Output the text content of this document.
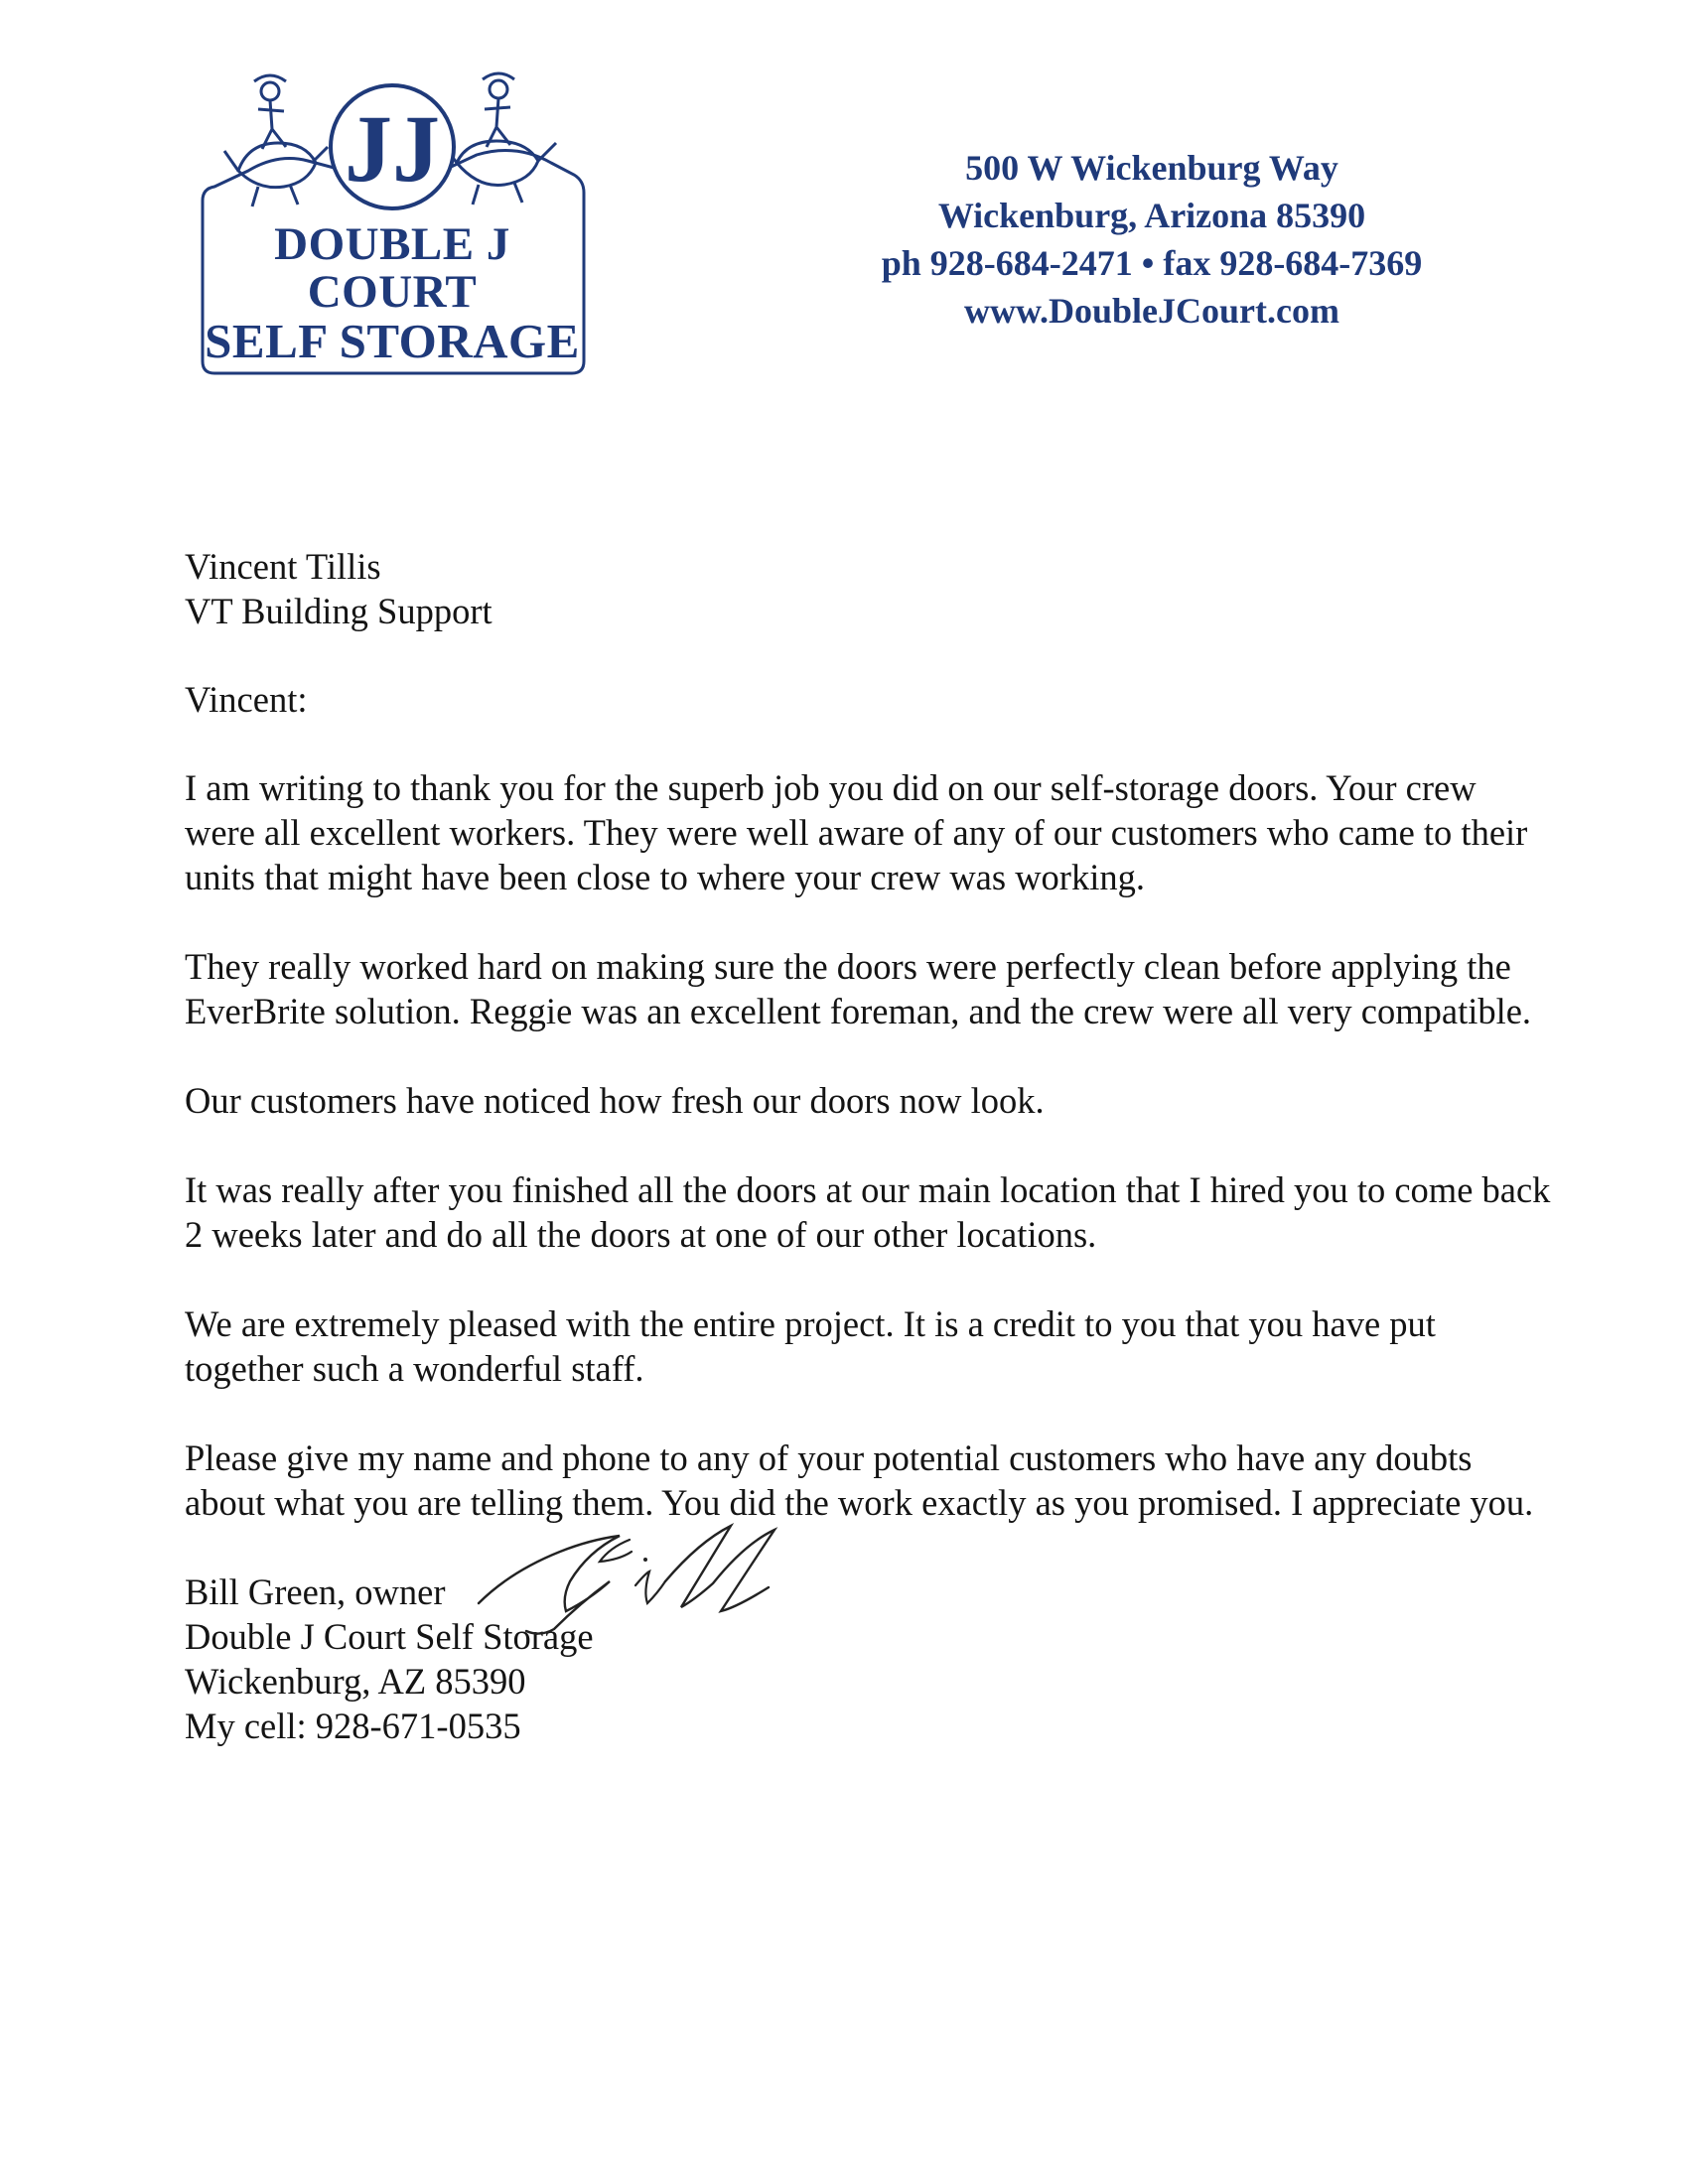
JJ
DOUBLE J
COURT
SELF STORAGE
500 W Wickenburg Way
Wickenburg, Arizona 85390
ph 928-684-2471 • fax 928-684-7369
www.DoubleJCourt.com

Vincent Tillis

VT Building Support

Vincent:

I am writing to thank you for the superb job you did on our self-storage doors. Your crew were all excellent workers. They were well aware of any of our customers who came to their units that might have been close to where your crew was working.

They really worked hard on making sure the doors were perfectly clean before applying the EverBrite solution. Reggie was an excellent foreman, and the crew were all very compatible.

Our customers have noticed how fresh our doors now look.

It was really after you finished all the doors at our main location that I hired you to come back 2 weeks later and do all the doors at one of our other locations.

We are extremely pleased with the entire project. It is a credit to you that you have put together such a wonderful staff.

Please give my name and phone to any of your potential customers who have any doubts about what you are telling them. You did the work exactly as you promised. I appreciate you.

Bill Green, owner

Double J Court Self Storage

Wickenburg, AZ 85390

My cell: 928-671-0535
